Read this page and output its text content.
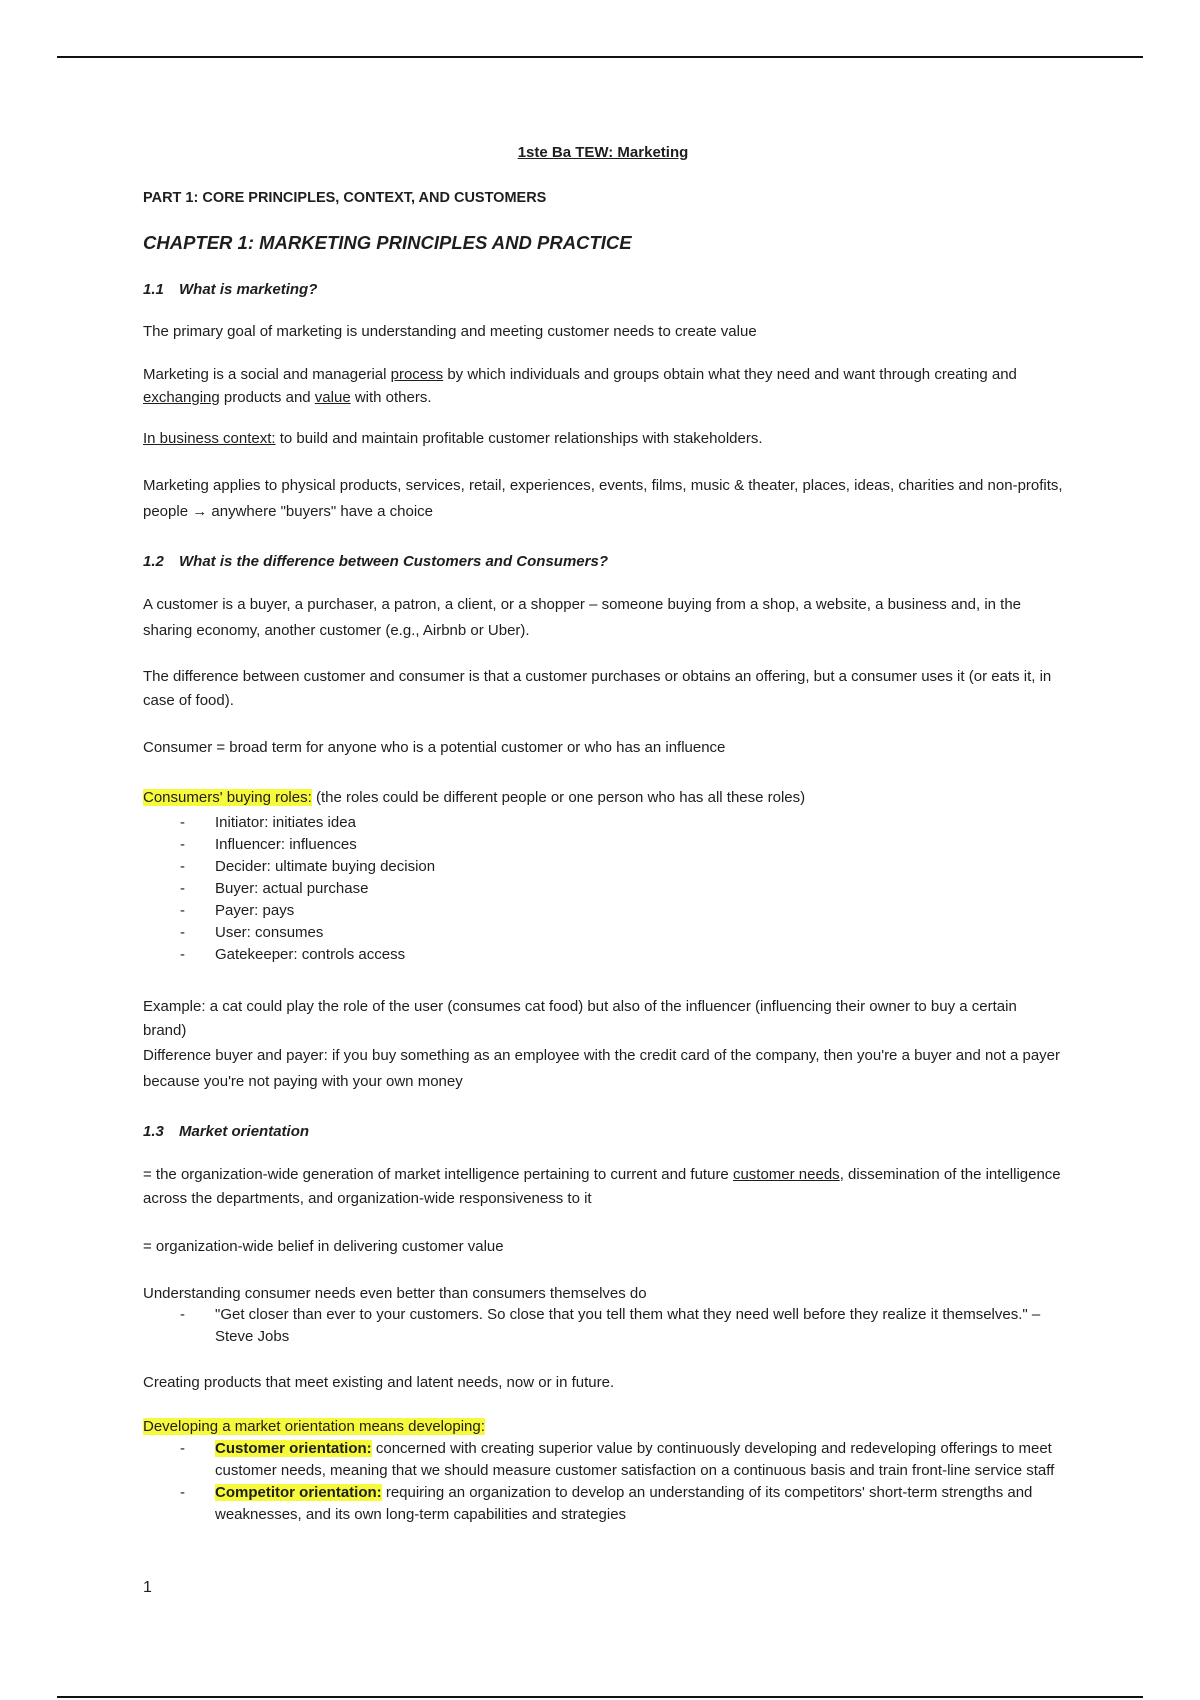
1ste Ba TEW: Marketing
PART 1: CORE PRINCIPLES, CONTEXT, AND CUSTOMERS
CHAPTER 1: MARKETING PRINCIPLES AND PRACTICE
1.1 What is marketing?

The primary goal of marketing is understanding and meeting customer needs to create value

Marketing is a social and managerial process by which individuals and groups obtain what they need and want through creating and exchanging products and value with others.

In business context: to build and maintain profitable customer relationships with stakeholders.

Marketing applies to physical products, services, retail, experiences, events, films, music & theater, places, ideas, charities and non-profits, people → anywhere "buyers" have a choice

1.2 What is the difference between Customers and Consumers?

A customer is a buyer, a purchaser, a patron, a client, or a shopper – someone buying from a shop, a website, a business and, in the sharing economy, another customer (e.g., Airbnb or Uber).

The difference between customer and consumer is that a customer purchases or obtains an offering, but a consumer uses it (or eats it, in case of food).

Consumer = broad term for anyone who is a potential customer or who has an influence

Consumers' buying roles: (the roles could be different people or one person who has all these roles)

- Initiator: initiates idea
- Influencer: influences
- Decider: ultimate buying decision
- Buyer: actual purchase
- Payer: pays
- User: consumes
- Gatekeeper: controls access

Example: a cat could play the role of the user (consumes cat food) but also of the influencer (influencing their owner to buy a certain brand)

Difference buyer and payer: if you buy something as an employee with the credit card of the company, then you're a buyer and not a payer because you're not paying with your own money

1.3 Market orientation

= the organization-wide generation of market intelligence pertaining to current and future customer needs, dissemination of the intelligence across the departments, and organization-wide responsiveness to it

= organization-wide belief in delivering customer value

Understanding consumer needs even better than consumers themselves do

- "Get closer than ever to your customers. So close that you tell them what they need well before they realize it themselves." – Steve Jobs

Creating products that meet existing and latent needs, now or in future.

Developing a market orientation means developing:

- Customer orientation: concerned with creating superior value by continuously developing and redeveloping offerings to meet customer needs, meaning that we should measure customer satisfaction on a continuous basis and train front-line service staff
- Competitor orientation: requiring an organization to develop an understanding of its competitors' short-term strengths and weaknesses, and its own long-term capabilities and strategies
1
